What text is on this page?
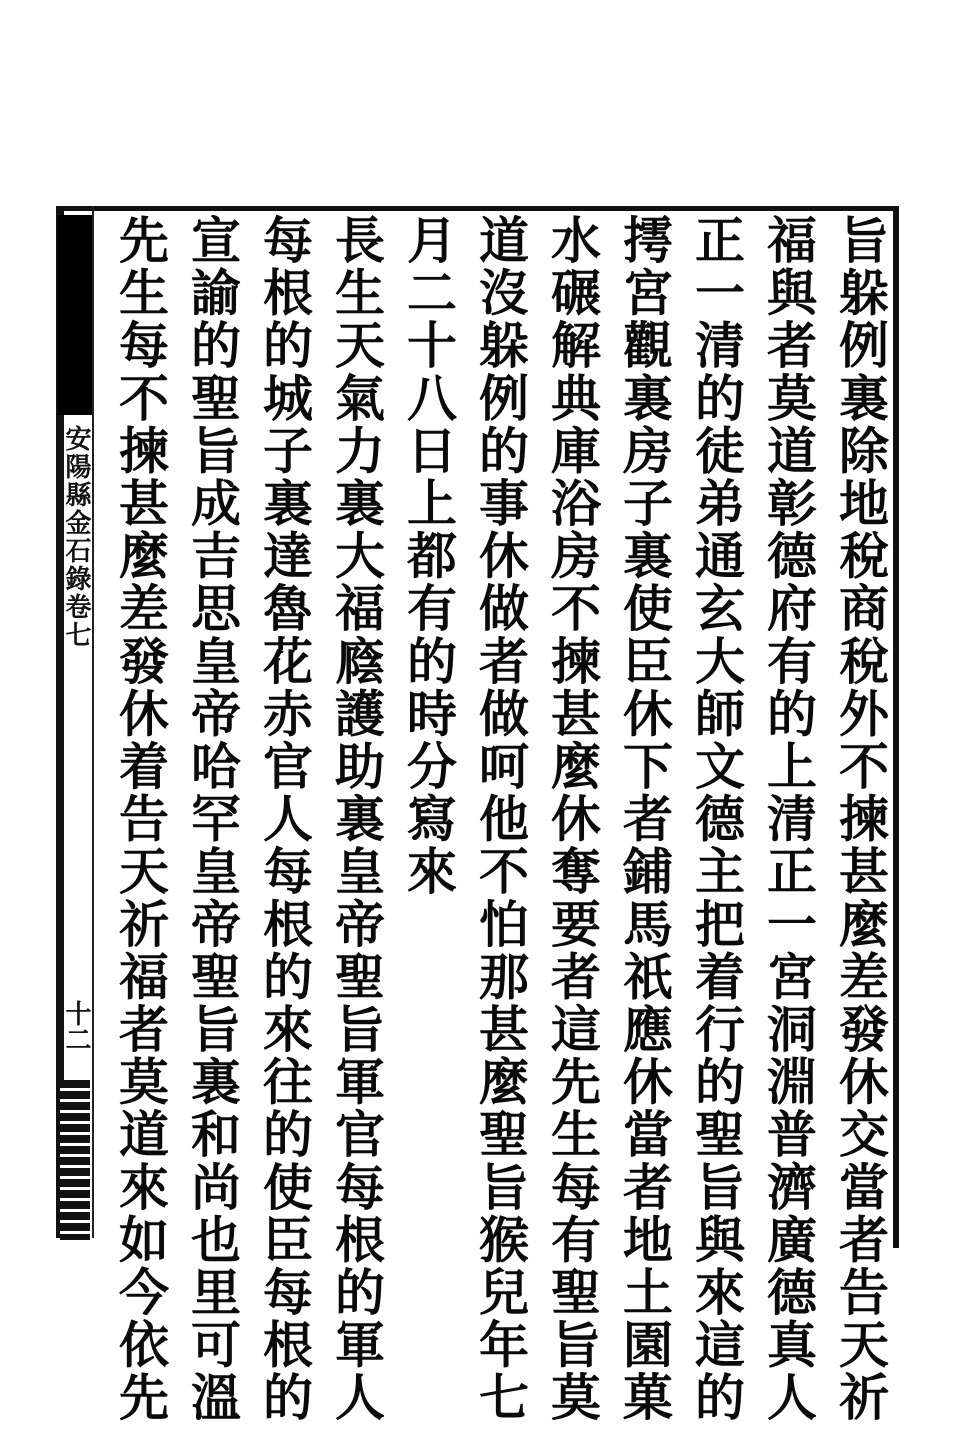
安陽縣金石錄卷七
十二	旨躲例裏除地稅商稅外不揀甚麼差發休交當者告天祈
福與者莫道彰德府有的上清正一宮洞淵普濟廣德真人
正一清的徒弟通玄大師文德主把着行的聖旨與來這的
摴宮觀裏房子裏使臣休下者鋪馬祇應休當者地土園菓
水碾解典庫浴房不揀甚麼休奪要者這先生每有聖旨莫
道沒躲例的事休做者做呵他不怕那甚麼聖旨猴兒年七
月二十八日上都有的時分寫來
長生天氣力裏大福廕護助裏皇帝聖旨軍官每根的軍人
每根的城子裏達魯花赤官人每根的來往的使臣每根的
宣諭的聖旨成吉思皇帝哈罕皇帝聖旨裏和尚也里可溫
先生每不揀甚麼差發休着告天祈福者莫道來如今依先
